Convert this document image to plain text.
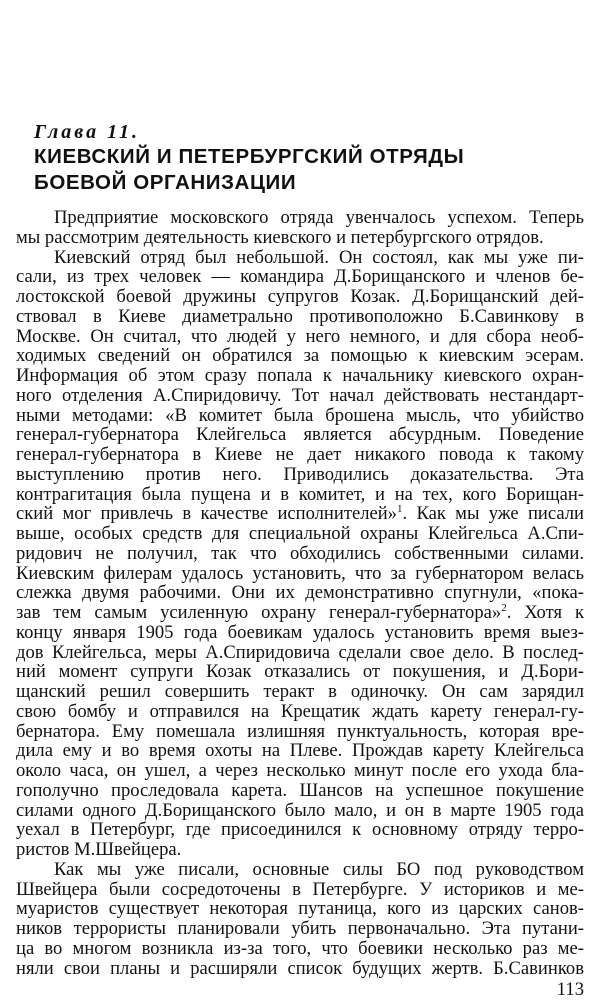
Глава 11.
КИЕВСКИЙ И ПЕТЕРБУРГСКИЙ ОТРЯДЫ
БОЕВОЙ ОРГАНИЗАЦИИ
Предприятие московского отряда увенчалось успехом. Теперь
мы рассмотрим деятельность киевского и петербургского отрядов.
Киевский отряд был небольшой. Он состоял, как мы уже пи-
сали, из трех человек — командира Д.Борищанского и членов бе-
лостокской боевой дружины супругов Козак. Д.Борищанский дей-
ствовал в Киеве диаметрально противоположно Б.Савинкову в
Москве. Он считал, что людей у него немного, и для сбора необ-
ходимых сведений он обратился за помощью к киевским эсерам.
Информация об этом сразу попала к начальнику киевского охран-
ного отделения А.Спиридовичу. Тот начал действовать нестандарт-
ными методами: «В комитет была брошена мысль, что убийство
генерал-губернатора Клейгельса является абсурдным. Поведение
генерал-губернатора в Киеве не дает никакого повода к такому
выступлению против него. Приводились доказательства. Эта
контрагитация была пущена и в комитет, и на тех, кого Борищан-
ский мог привлечь в качестве исполнителей»$^1$. Как мы уже писали
выше, особых средств для специальной охраны Клейгельса А.Спи-
ридович не получил, так что обходились собственными силами.
Киевским филерам удалось установить, что за губернатором велась
слежка двумя рабочими. Они их демонстративно спугнули, «пока-
зав тем самым усиленную охрану генерал-губернатора»$^2$. Хотя к
концу января 1905 года боевикам удалось установить время выез-
дов Клейгельса, меры А.Спиридовича сделали свое дело. В послед-
ний момент супруги Козак отказались от покушения, и Д.Бори-
щанский решил совершить теракт в одиночку. Он сам зарядил
свою бомбу и отправился на Крещатик ждать карету генерал-гу-
бернатора. Ему помешала излишняя пунктуальность, которая вре-
дила ему и во время охоты на Плеве. Прождав карету Клейгельса
около часа, он ушел, а через несколько минут после его ухода бла-
гополучно проследовала карета. Шансов на успешное покушение
силами одного Д.Борищанского было мало, и он в марте 1905 года
уехал в Петербург, где присоединился к основному отряду терро-
ристов М.Швейцера.
Как мы уже писали, основные силы БО под руководством
Швейцера были сосредоточены в Петербурге. У историков и ме-
муаристов существует некоторая путаница, кого из царских санов-
ников террористы планировали убить первоначально. Эта путани-
ца во многом возникла из-за того, что боевики несколько раз ме-
няли свои планы и расширяли список будущих жертв. Б.Савинков
113
